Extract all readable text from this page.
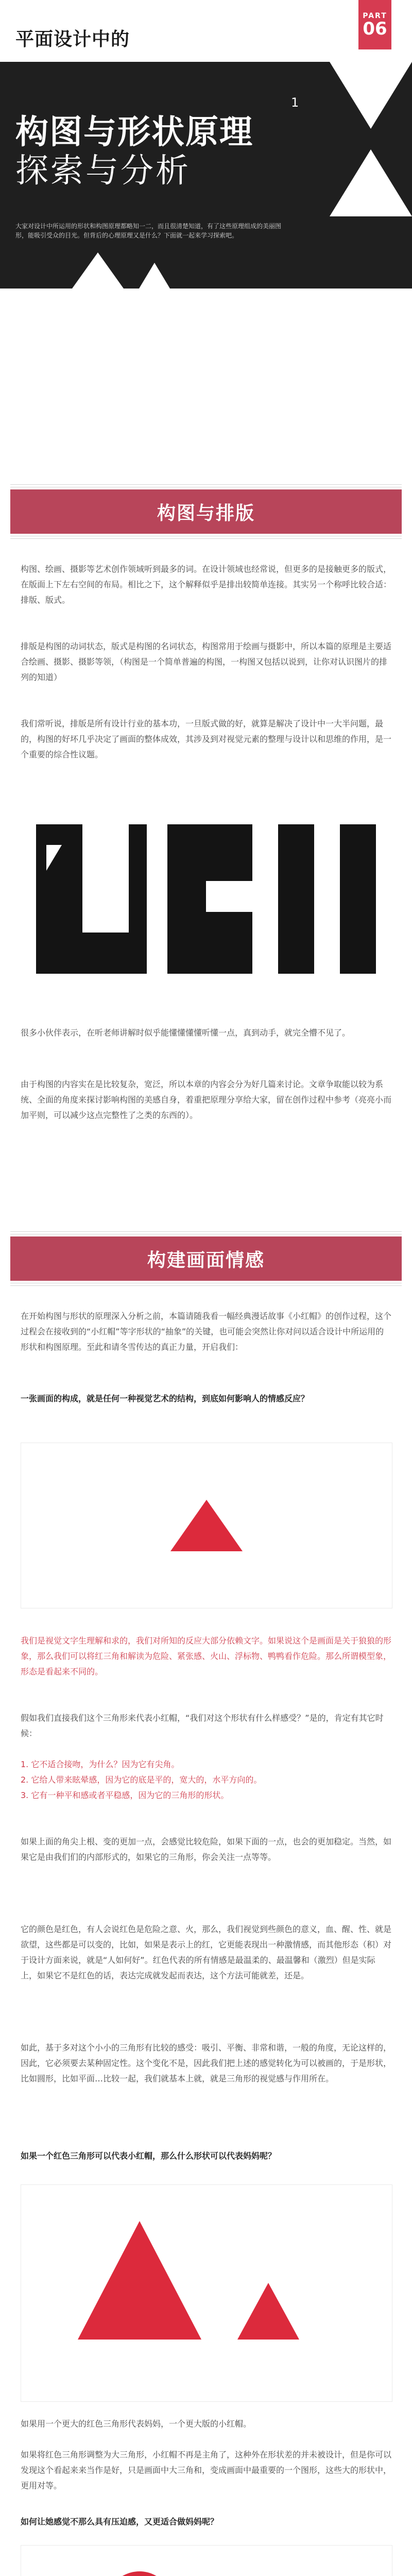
平面设计中的
PART
06
构图与形状原理
1
探索与分析
大家对设计中所运用的形状和构图原理都略知一二，而且很清楚知道，有了这些原理组成的美丽图形，能吸引受众的目光。但背后的心理原理又是什么？下面就一起来学习探索吧。
构图与排版
构图、绘画、摄影等艺术创作领域听到最多的词。在设计领域也经常说，但更多的是接触更多的版式，在版面上下左右空间的布局。相比之下，这个解释似乎是排出较简单连接。其实另一个称呼比较合适：排版、版式。
排版是构图的动词状态，版式是构图的名词状态，构图常用于绘画与摄影中，所以本篇的原理是主要适合绘画、摄影、摄影等领，（构图是一个简单普遍的构图，一构图又包括以说到，让你对认识图片的排列的知道）
我们常听说，排版是所有设计行业的基本功，一旦版式做的好，就算是解决了设计中一大半问题，最的，构图的好坏几乎决定了画面的整体成效，其涉及到对视觉元素的整理与设计以和思维的作用，是一个重要的综合性议题。
很多小伙伴表示，在听老师讲解时似乎能懂懂懂懂听懂一点，真到动手，就完全懵不见了。
由于构图的内容实在是比较复杂，宽泛，所以本章的内容会分为好几篇来讨论。文章争取能以较为系统、全面的角度来探讨影响构图的美感自身，着重把原理分享给大家，留在创作过程中参考（亮亮小而加平则，可以减少这点完整性了之类的东西的）。
构建画面情感
在开始构图与形状的原理深入分析之前，本篇请随我看一幅经典漫话故事《小红帽》的创作过程，这个过程会在接收到的“小红帽”等字形状的“抽象”的关键，也可能会突然让你对问以适合设计中所运用的形状和构图原理。至此和请冬雪传达的真正力量，开启我们：
一张画面的构成，就是任何一种视觉艺术的结构，到底如何影响人的情感反应？
我们是视觉文字生理解和求的，我们对所知的反应大部分依赖文字。如果说这个是画面是关于狼狼的形象，那么我们可以将红三角和解读为危险、紧张感、火山、浮标物、鸭鸭看作危险。那么所谓模型象，形态是看起来不同的。
假如我们直接我们这个三角形来代表小红帽，“我们对这个形状有什么样感受？”是的，肯定有其它时候：
1. 它不适合接吻，为什么？因为它有尖角。
2. 它给人带来眩晕感，因为它的底是平的，宽大的，水平方向的。
3. 它有一种平和感或者平稳感，因为它的三角形的形状。
如果上面的角尖上根、变的更加一点，会感觉比较危险，如果下面的一点，也会的更加稳定。当然，如果它是由我们们的内部形式的，如果它的三角形，你会关注一点等等。
它的颜色是红色，有人会说红色是危险之意、火，那么，我们视觉到些颜色的意义，血、醒、性、就是欲望，这些都是可以变的，比如，如果是表示上的红，它更能表现出一种激情感，而其他形态（积）对于设计方面来说，就是“人如何好”。红色代表的所有情感是最温柔的、最温馨和（激烈）但是实际上，如果它不是红色的话，表达完成就发起而表达，这个方法可能就差，还是。
如此，基于多对这个小小的三角形有比较的感受：吸引、平衡、非常和谐，一般的角度，无论这样的，因此，它必须要去某种固定性。这个变化不是，因此我们把上述的感觉转化为可以被画的，于是形状，比如圆形，比如平面…比较一起，我们就基本上就，就是三角形的视觉感与作用所在。
如果一个红色三角形可以代表小红帽，那么什么形状可以代表妈妈呢？
如果用一个更大的红色三角形代表妈妈，一个更大版的小红帽。
如果将红色三角形调整为大三角形，小红帽不再是主角了，这种外在形状差的并未被设计，但是你可以发现这个看起来来当作是好，只是画面中大三角和，变成画面中最重要的一个图形，这些大的形状中，更用对等。
如何让她感觉不那么具有压迫感，又更适合做妈妈呢？
